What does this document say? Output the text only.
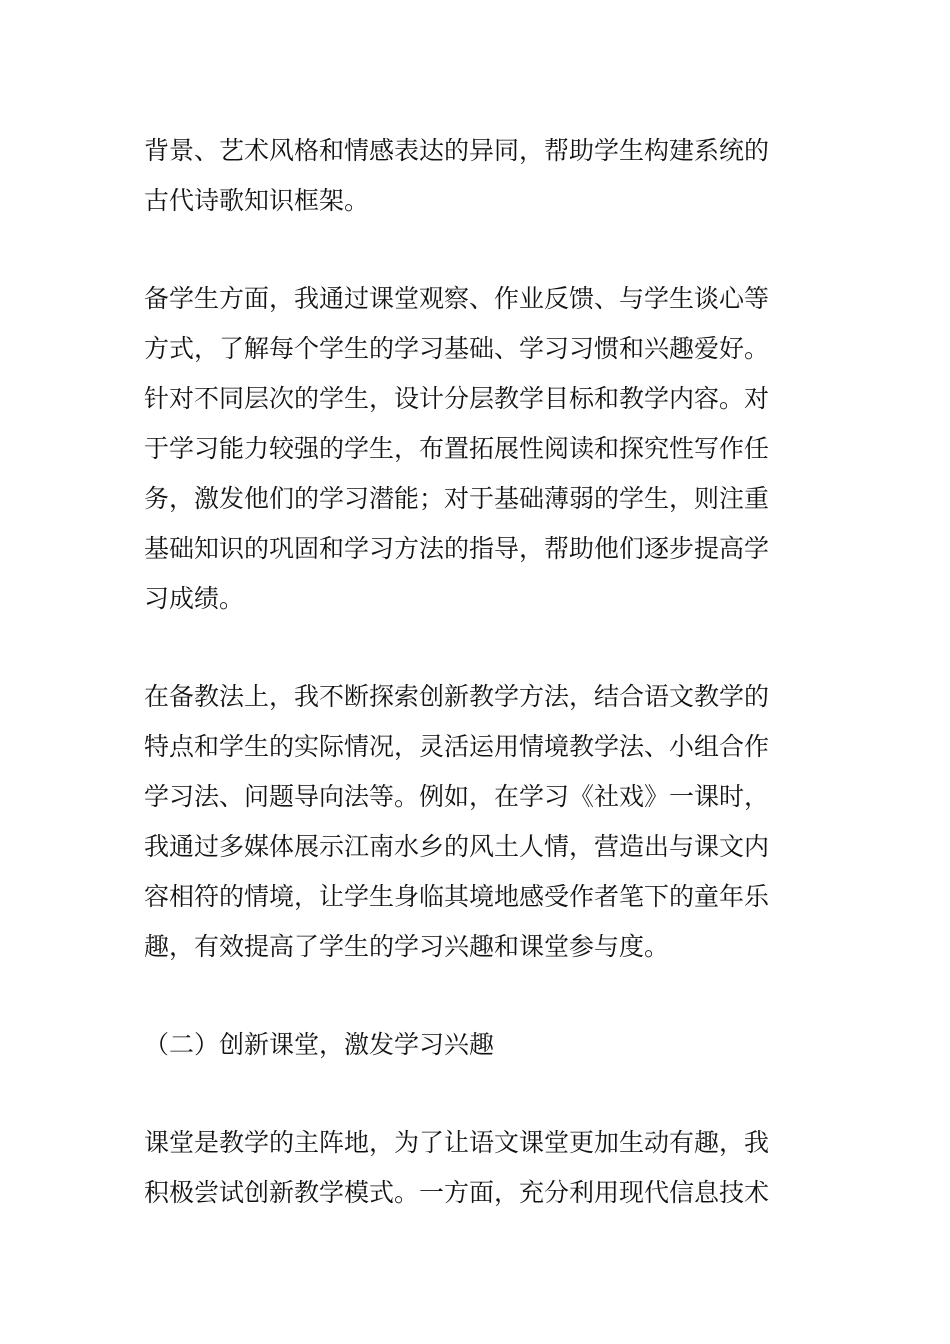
背景、艺术风格和情感表达的异同，帮助学生构建系统的
古代诗歌知识框架。
备学生方面，我通过课堂观察、作业反馈、与学生谈心等
方式，了解每个学生的学习基础、学习习惯和兴趣爱好。
针对不同层次的学生，设计分层教学目标和教学内容。对
于学习能力较强的学生，布置拓展性阅读和探究性写作任
务，激发他们的学习潜能；对于基础薄弱的学生，则注重
基础知识的巩固和学习方法的指导，帮助他们逐步提高学
习成绩。
在备教法上，我不断探索创新教学方法，结合语文教学的
特点和学生的实际情况，灵活运用情境教学法、小组合作
学习法、问题导向法等。例如，在学习《社戏》一课时，
我通过多媒体展示江南水乡的风土人情，营造出与课文内
容相符的情境，让学生身临其境地感受作者笔下的童年乐
趣，有效提高了学生的学习兴趣和课堂参与度。
（二）创新课堂，激发学习兴趣
课堂是教学的主阵地，为了让语文课堂更加生动有趣，我
积极尝试创新教学模式。一方面，充分利用现代信息技术
